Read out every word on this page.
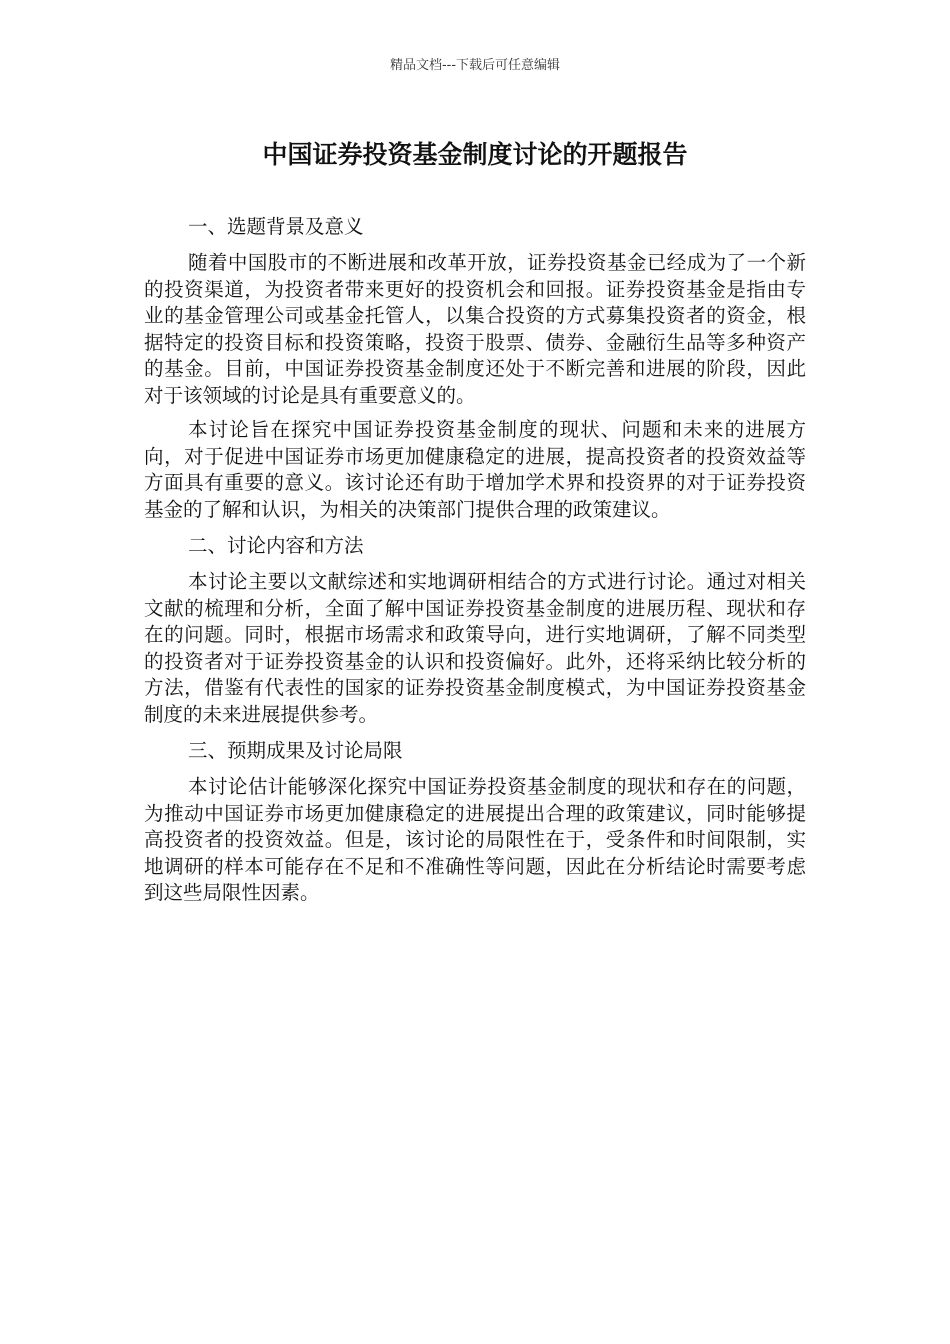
精品文档---下载后可任意编辑
中国证券投资基金制度讨论的开题报告
一、选题背景及意义

随着中国股市的不断进展和改革开放，证券投资基金已经成为了一个新的投资渠道，为投资者带来更好的投资机会和回报。证券投资基金是指由专业的基金管理公司或基金托管人，以集合投资的方式募集投资者的资金，根据特定的投资目标和投资策略，投资于股票、债券、金融衍生品等多种资产的基金。目前，中国证券投资基金制度还处于不断完善和进展的阶段，因此对于该领域的讨论是具有重要意义的。

本讨论旨在探究中国证券投资基金制度的现状、问题和未来的进展方向，对于促进中国证券市场更加健康稳定的进展，提高投资者的投资效益等方面具有重要的意义。该讨论还有助于增加学术界和投资界的对于证券投资基金的了解和认识，为相关的决策部门提供合理的政策建议。

二、讨论内容和方法

本讨论主要以文献综述和实地调研相结合的方式进行讨论。通过对相关文献的梳理和分析，全面了解中国证券投资基金制度的进展历程、现状和存在的问题。同时，根据市场需求和政策导向，进行实地调研，了解不同类型的投资者对于证券投资基金的认识和投资偏好。此外，还将采纳比较分析的方法，借鉴有代表性的国家的证券投资基金制度模式，为中国证券投资基金制度的未来进展提供参考。

三、预期成果及讨论局限

本讨论估计能够深化探究中国证券投资基金制度的现状和存在的问题，为推动中国证券市场更加健康稳定的进展提出合理的政策建议，同时能够提高投资者的投资效益。但是，该讨论的局限性在于，受条件和时间限制，实地调研的样本可能存在不足和不准确性等问题，因此在分析结论时需要考虑到这些局限性因素。
